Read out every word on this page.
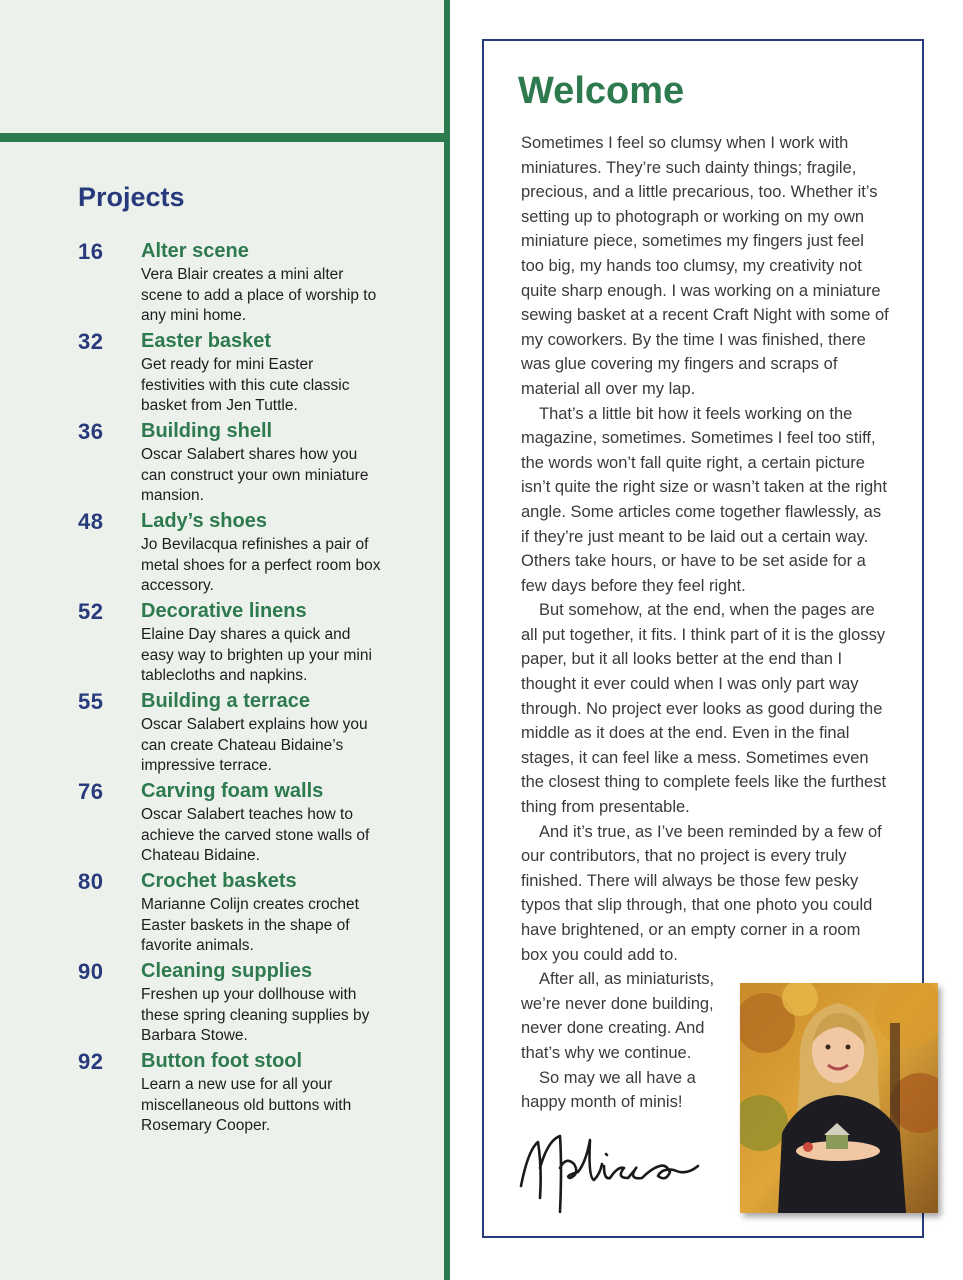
Projects
16	Alter scene
Vera Blair creates a mini alter scene to add a place of worship to any mini home.
32	Easter basket
Get ready for mini Easter festivities with this cute classic basket from Jen Tuttle.
36	Building shell
Oscar Salabert shares how you can construct your own miniature mansion.
48	Lady’s shoes
Jo Bevilacqua refinishes a pair of metal shoes for a perfect room box accessory.
52	Decorative linens
Elaine Day shares a quick and easy way to brighten up your mini tablecloths and napkins.
55	Building a terrace
Oscar Salabert explains how you can create Chateau Bidaine’s impressive terrace.
76	Carving foam walls
Oscar Salabert teaches how to achieve the carved stone walls of Chateau Bidaine.
80	Crochet baskets
Marianne Colijn creates crochet Easter baskets in the shape of favorite animals.
90	Cleaning supplies
Freshen up your dollhouse with these spring cleaning supplies by Barbara Stowe.
92	Button foot stool
Learn a new use for all your miscellaneous old buttons with Rosemary Cooper.
Welcome

Sometimes I feel so clumsy when I work with miniatures. They’re such dainty things; fragile, precious, and a little precarious, too. Whether it’s setting up to photograph or working on my own miniature piece, sometimes my fingers just feel too big, my hands too clumsy, my creativity not quite sharp enough. I was working on a miniature sewing basket at a recent Craft Night with some of my coworkers. By the time I was finished, there was glue covering my fingers and scraps of material all over my lap.

That’s a little bit how it feels working on the magazine, sometimes. Sometimes I feel too stiff, the words won’t fall quite right, a certain picture isn’t quite the right size or wasn’t taken at the right angle. Some articles come together flawlessly, as if they’re just meant to be laid out a certain way. Others take hours, or have to be set aside for a few days before they feel right.

But somehow, at the end, when the pages are all put together, it fits. I think part of it is the glossy paper, but it all looks better at the end than I thought it ever could when I was only part way through. No project ever looks as good during the middle as it does at the end. Even in the final stages, it can feel like a mess. Sometimes even the closest thing to complete feels like the furthest thing from presentable.

And it’s true, as I’ve been reminded by a few of our contributors, that no project is every truly finished. There will always be those few pesky typos that slip through, that one photo you could have brightened, or an empty corner in a room box you could add to.

After all, as miniaturists, we’re never done building, never done creating. And that’s why we continue.

So may we all have a happy month of minis!
